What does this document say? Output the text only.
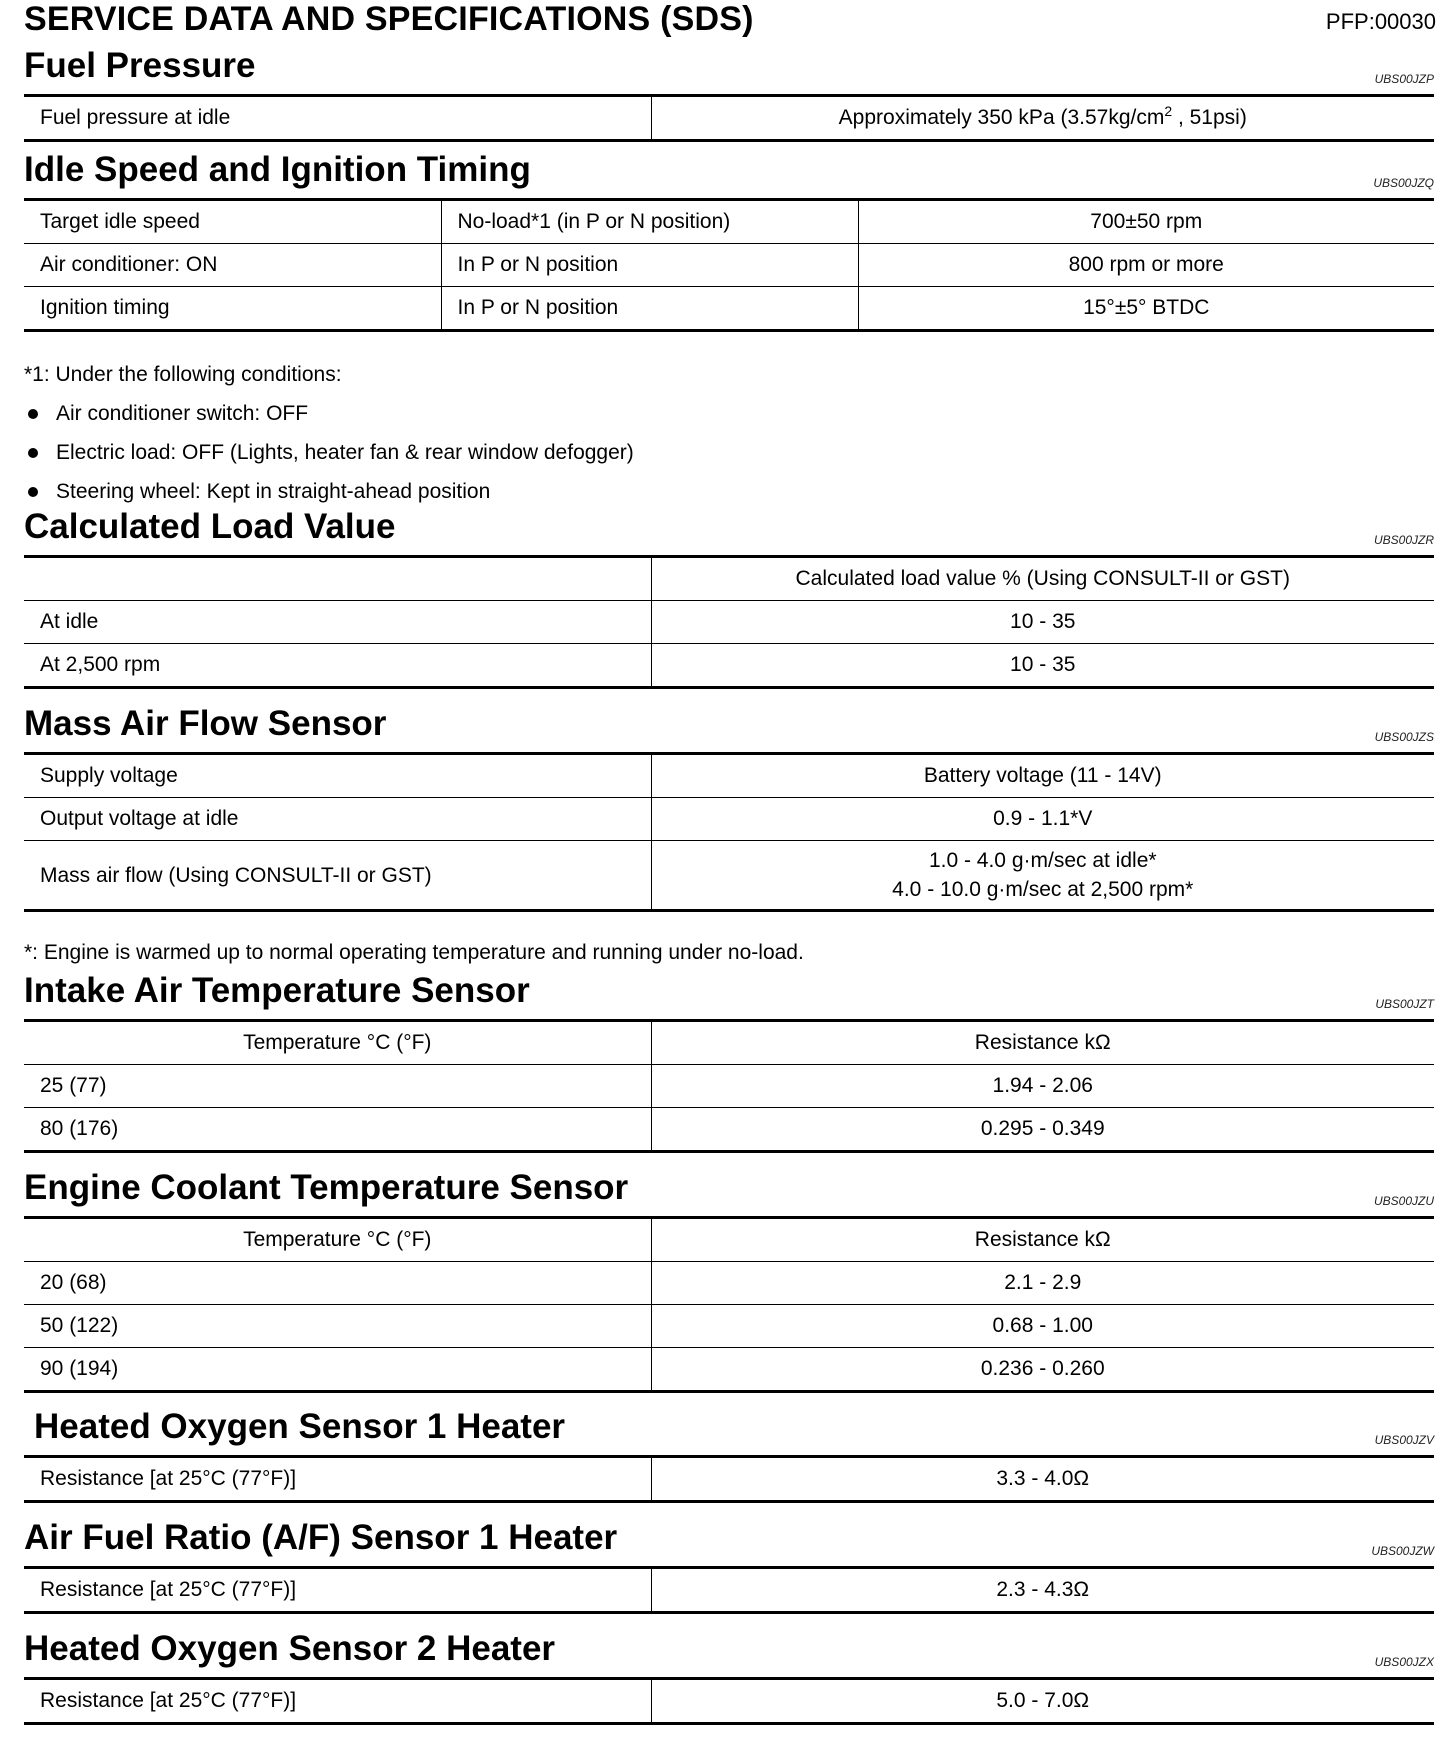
SERVICE DATA AND SPECIFICATIONS (SDS)	PFP:00030
Fuel Pressure	UBS00JZP
Fuel pressure at idle	Approximately 350 kPa ($3.57kg/cm^2$ , 51psi)
Idle Speed and Ignition Timing	UBS00JZQ
Target idle speed	No-load*1 (in P or N position)	700±50 rpm
Air conditioner: ON	In P or N position	800 rpm or more
Ignition timing	In P or N position	15°±5° BTDC
*1: Under the following conditions:
Air conditioner switch: OFF
Electric load: OFF (Lights, heater fan & rear window defogger)
Steering wheel: Kept in straight-ahead position
Calculated Load Value	UBS00JZR
	Calculated load value % (Using CONSULT-II or GST)
At idle	10 - 35
At 2,500 rpm	10 - 35
Mass Air Flow Sensor	UBS00JZS
Supply voltage	Battery voltage (11 - 14V)
Output voltage at idle	0.9 - 1.1*V
Mass air flow (Using CONSULT-II or GST)	1.0 - 4.0 g·m/sec at idle*
4.0 - 10.0 g·m/sec at 2,500 rpm*
*: Engine is warmed up to normal operating temperature and running under no-load.
Intake Air Temperature Sensor	UBS00JZT
Temperature °C (°F)	Resistance kΩ
25 (77)	1.94 - 2.06
80 (176)	0.295 - 0.349
Engine Coolant Temperature Sensor	UBS00JZU
Temperature °C (°F)	Resistance kΩ
20 (68)	2.1 - 2.9
50 (122)	0.68 - 1.00
90 (194)	0.236 - 0.260
Heated Oxygen Sensor 1 Heater	UBS00JZV
Resistance [at 25°C (77°F)]	3.3 - 4.0Ω
Air Fuel Ratio (A/F) Sensor 1 Heater	UBS00JZW
Resistance [at 25°C (77°F)]	2.3 - 4.3Ω
Heated Oxygen Sensor 2 Heater	UBS00JZX
Resistance [at 25°C (77°F)]	5.0 - 7.0Ω
